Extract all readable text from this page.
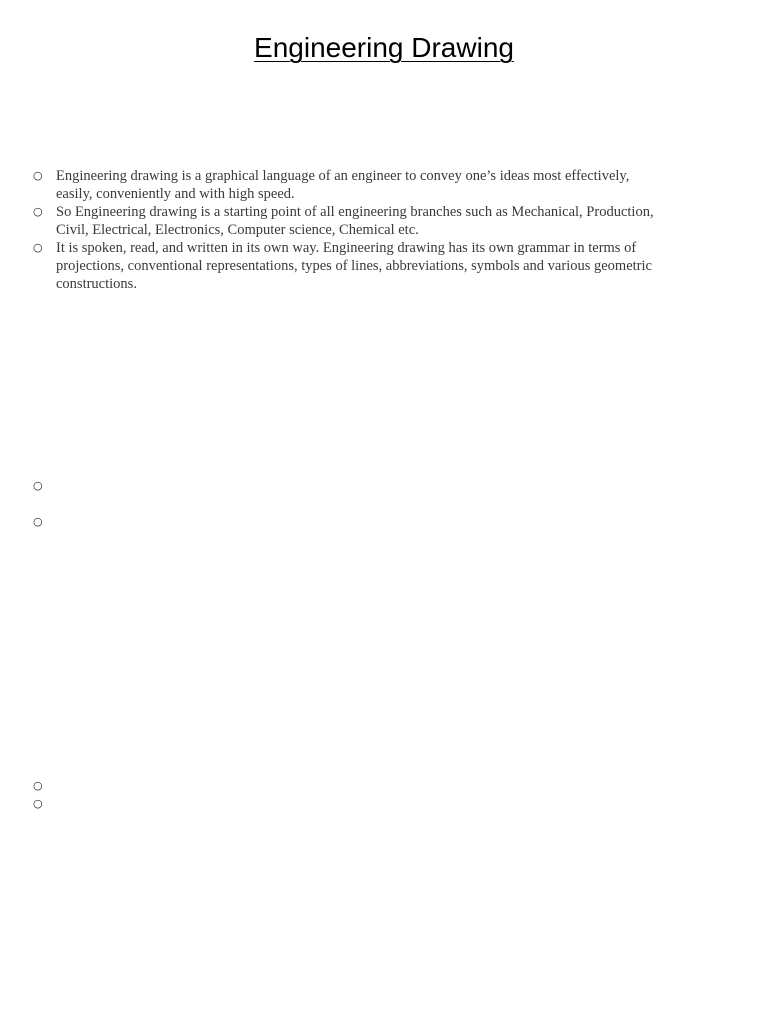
Engineering Drawing
○ Engineering drawing is a graphical language of an engineer to convey one’s ideas most effectively, easily, conveniently and with high speed.
○ So Engineering drawing is a starting point of all engineering branches such as Mechanical, Production, Civil, Electrical, Electronics, Computer science, Chemical etc.
○ It is spoken, read, and written in its own way. Engineering drawing has its own grammar in terms of projections, conventional representations, types of lines, abbreviations, symbols and various geometric constructions.
○
○
○
○
